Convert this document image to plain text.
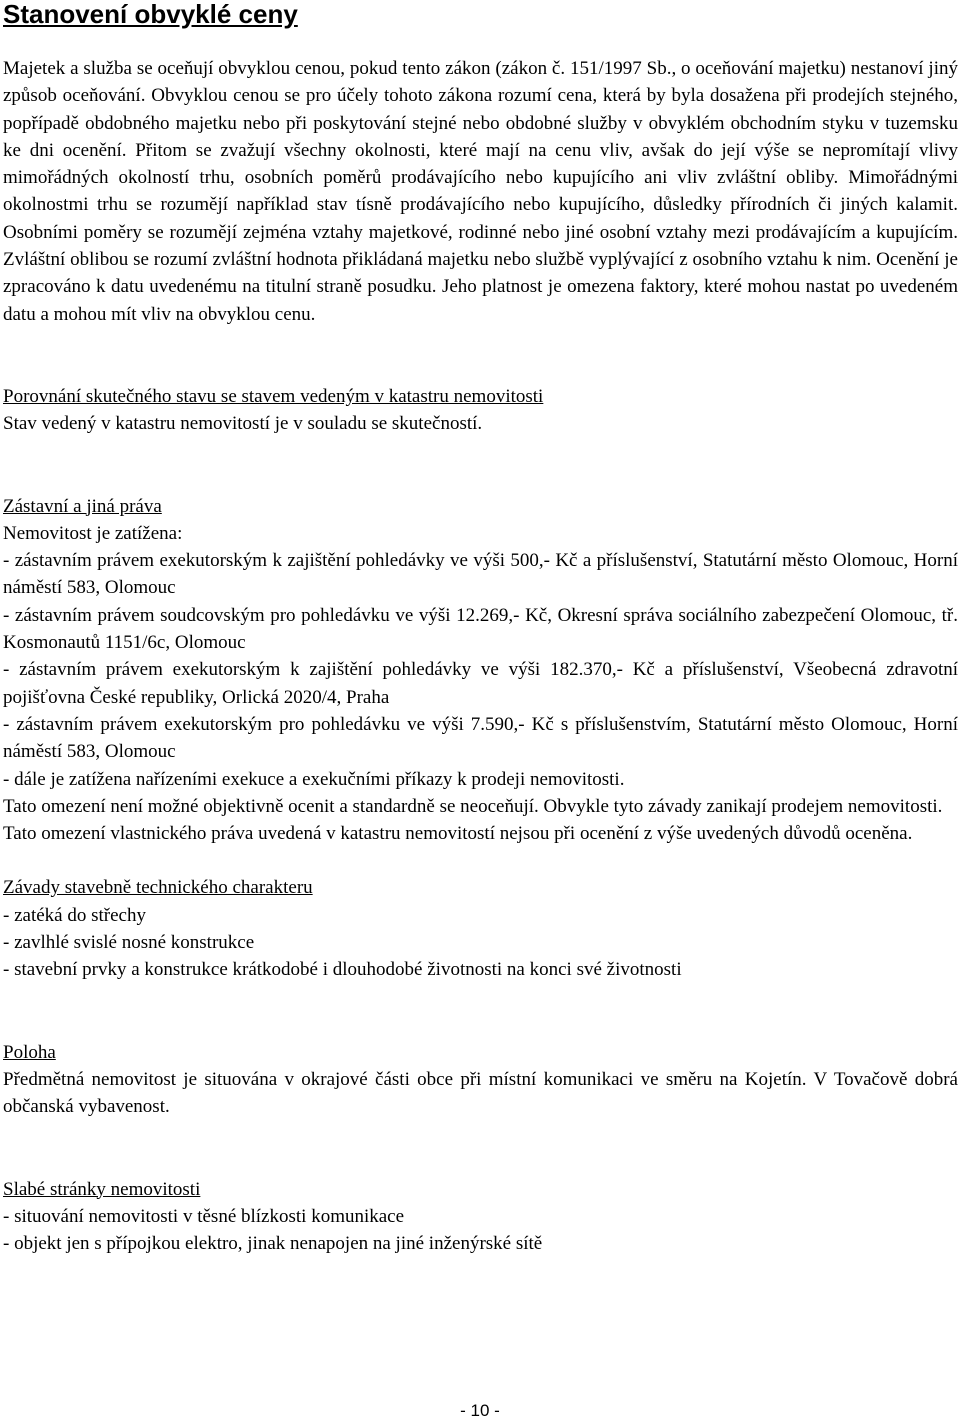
Stanovení obvyklé ceny

Majetek a služba se oceňují obvyklou cenou, pokud tento zákon (zákon č. 151/1997 Sb., o oceňování majetku) nestanoví jiný způsob oceňování. Obvyklou cenou se pro účely tohoto zákona rozumí cena, která by byla dosažena při prodejích stejného, popřípadě obdobného majetku nebo při poskytování stejné nebo obdobné služby v obvyklém obchodním styku v tuzemsku ke dni ocenění. Přitom se zvažují všechny okolnosti, které mají na cenu vliv, avšak do její výše se nepromítají vlivy mimořádných okolností trhu, osobních poměrů prodávajícího nebo kupujícího ani vliv zvláštní obliby. Mimořádnými okolnostmi trhu se rozumějí například stav tísně prodávajícího nebo kupujícího, důsledky přírodních či jiných kalamit. Osobními poměry se rozumějí zejména vztahy majetkové, rodinné nebo jiné osobní vztahy mezi prodávajícím a kupujícím. Zvláštní oblibou se rozumí zvláštní hodnota přikládaná majetku nebo službě vyplývající z osobního vztahu k nim. Ocenění je zpracováno k datu uvedenému na titulní straně posudku. Jeho platnost je omezena faktory, které mohou nastat po uvedeném datu a mohou mít vliv na obvyklou cenu.

Porovnání skutečného stavu se stavem vedeným v katastru nemovitosti

Stav vedený v katastru nemovitostí je v souladu se skutečností.

Zástavní a jiná práva

Nemovitost je zatížena:

- zástavním právem exekutorským k zajištění pohledávky ve výši 500,- Kč a příslušenství, Statutární město Olomouc, Horní náměstí 583, Olomouc

- zástavním právem soudcovským pro pohledávku ve výši 12.269,- Kč, Okresní správa sociálního zabezpečení Olomouc, tř. Kosmonautů 1151/6c, Olomouc

- zástavním právem exekutorským k zajištění pohledávky ve výši 182.370,- Kč a příslušenství, Všeobecná zdravotní pojišťovna České republiky, Orlická 2020/4, Praha

- zástavním právem exekutorským pro pohledávku ve výši 7.590,- Kč s příslušenstvím, Statutární město Olomouc, Horní náměstí 583, Olomouc

- dále je zatížena nařízeními exekuce a exekučními příkazy k prodeji nemovitosti.

Tato omezení není možné objektivně ocenit a standardně se neoceňují. Obvykle tyto závady zanikají prodejem nemovitosti.

Tato omezení vlastnického práva uvedená v katastru nemovitostí nejsou při ocenění z výše uvedených důvodů oceněna.

Závady stavebně technického charakteru

- zatéká do střechy

- zavlhlé svislé nosné konstrukce

- stavební prvky a konstrukce krátkodobé i dlouhodobé životnosti na konci své životnosti

Poloha

Předmětná nemovitost je situována v okrajové části obce při místní komunikaci ve směru na Kojetín. V Tovačově dobrá občanská vybavenost.

Slabé stránky nemovitosti

- situování nemovitosti v těsné blízkosti komunikace

- objekt jen s přípojkou elektro, jinak nenapojen na jiné inženýrské sítě

- 10 -
